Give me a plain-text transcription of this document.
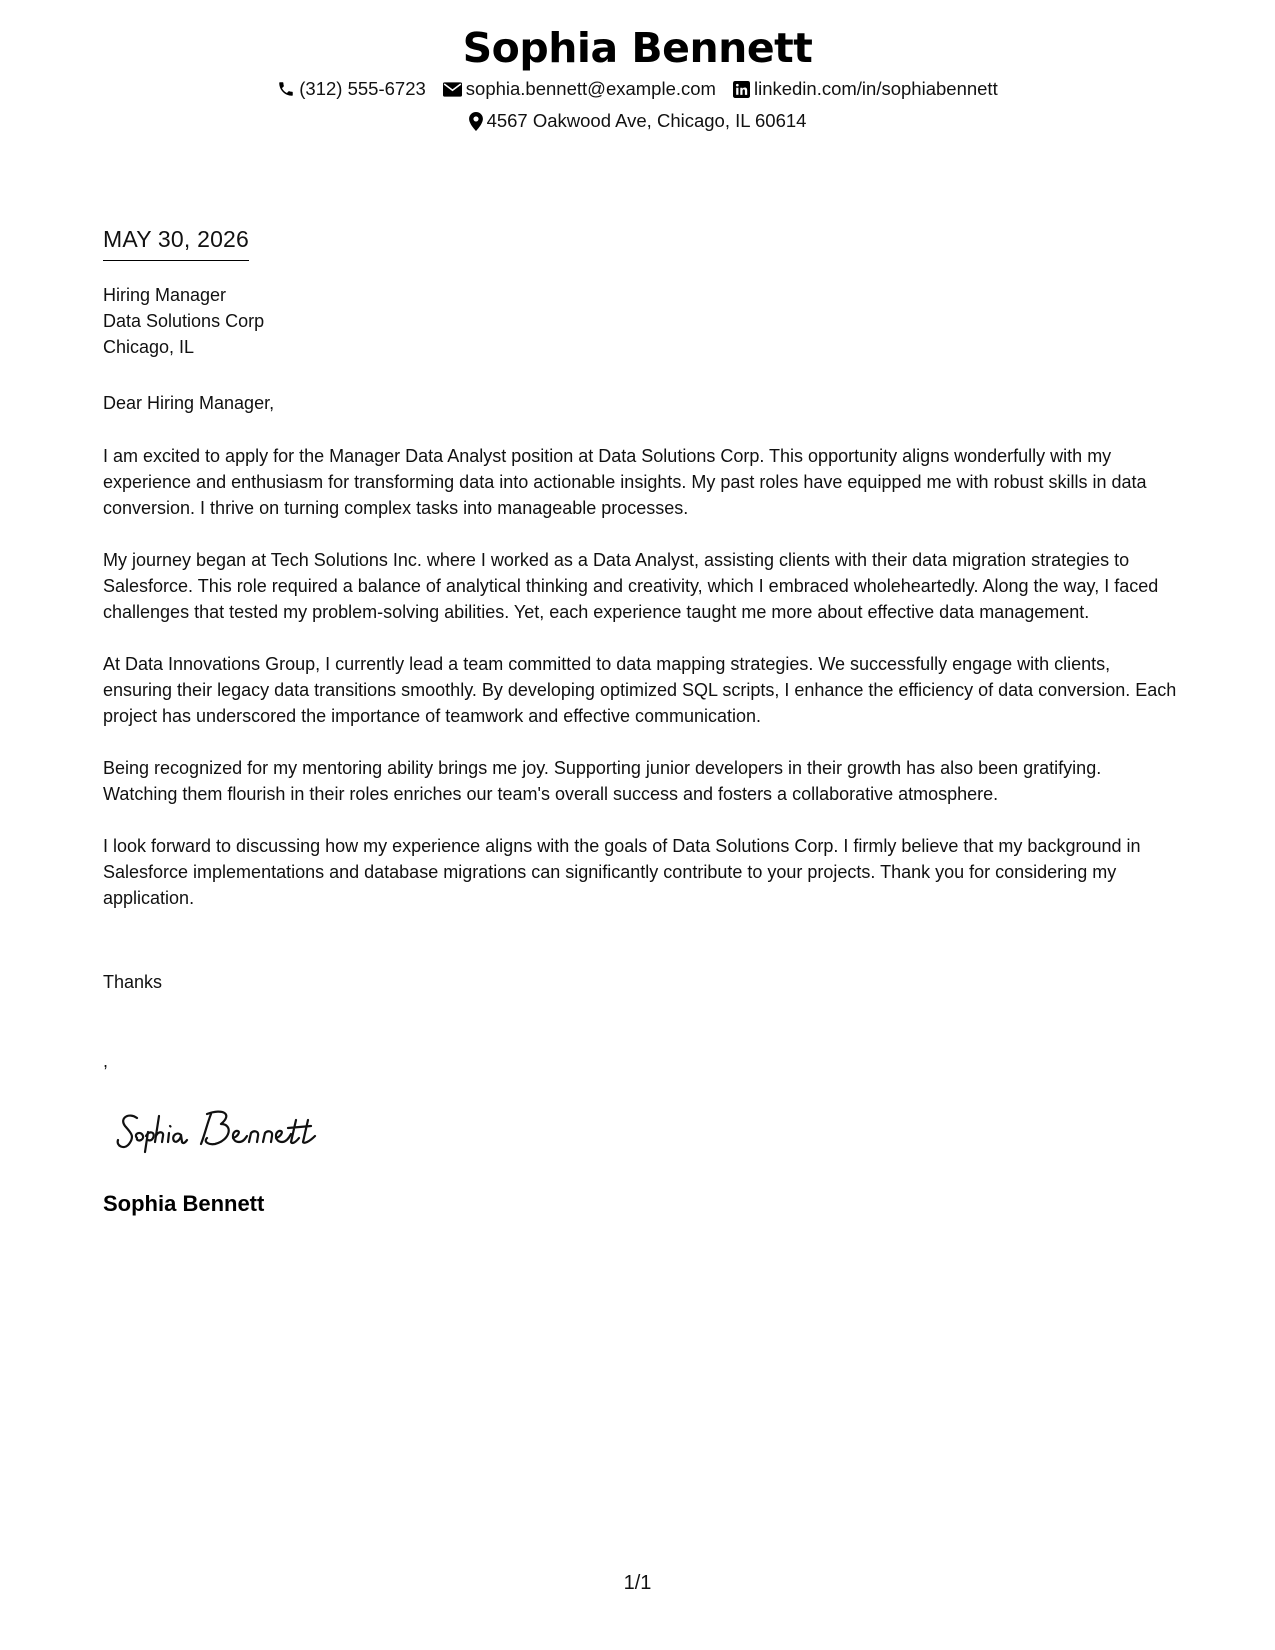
Sophia Bennett
(312) 555-6723 sophia.bennett@example.com linkedin.com/in/sophiabennett
4567 Oakwood Ave, Chicago, IL 60614
MAY 30, 2026
Hiring Manager
Data Solutions Corp
Chicago, IL
Dear Hiring Manager,

I am excited to apply for the Manager Data Analyst position at Data Solutions Corp. This opportunity aligns wonderfully with my experience and enthusiasm for transforming data into actionable insights. My past roles have equipped me with robust skills in data conversion. I thrive on turning complex tasks into manageable processes.

My journey began at Tech Solutions Inc. where I worked as a Data Analyst, assisting clients with their data migration strategies to Salesforce. This role required a balance of analytical thinking and creativity, which I embraced wholeheartedly. Along the way, I faced challenges that tested my problem-solving abilities. Yet, each experience taught me more about effective data management.

At Data Innovations Group, I currently lead a team committed to data mapping strategies. We successfully engage with clients, ensuring their legacy data transitions smoothly. By developing optimized SQL scripts, I enhance the efficiency of data conversion. Each project has underscored the importance of teamwork and effective communication.

Being recognized for my mentoring ability brings me joy. Supporting junior developers in their growth has also been gratifying. Watching them flourish in their roles enriches our team's overall success and fosters a collaborative atmosphere.

I look forward to discussing how my experience aligns with the goals of Data Solutions Corp. I firmly believe that my background in Salesforce implementations and database migrations can significantly contribute to your projects. Thank you for considering my application.

Thanks
,
Sophia Bennett
1/1
